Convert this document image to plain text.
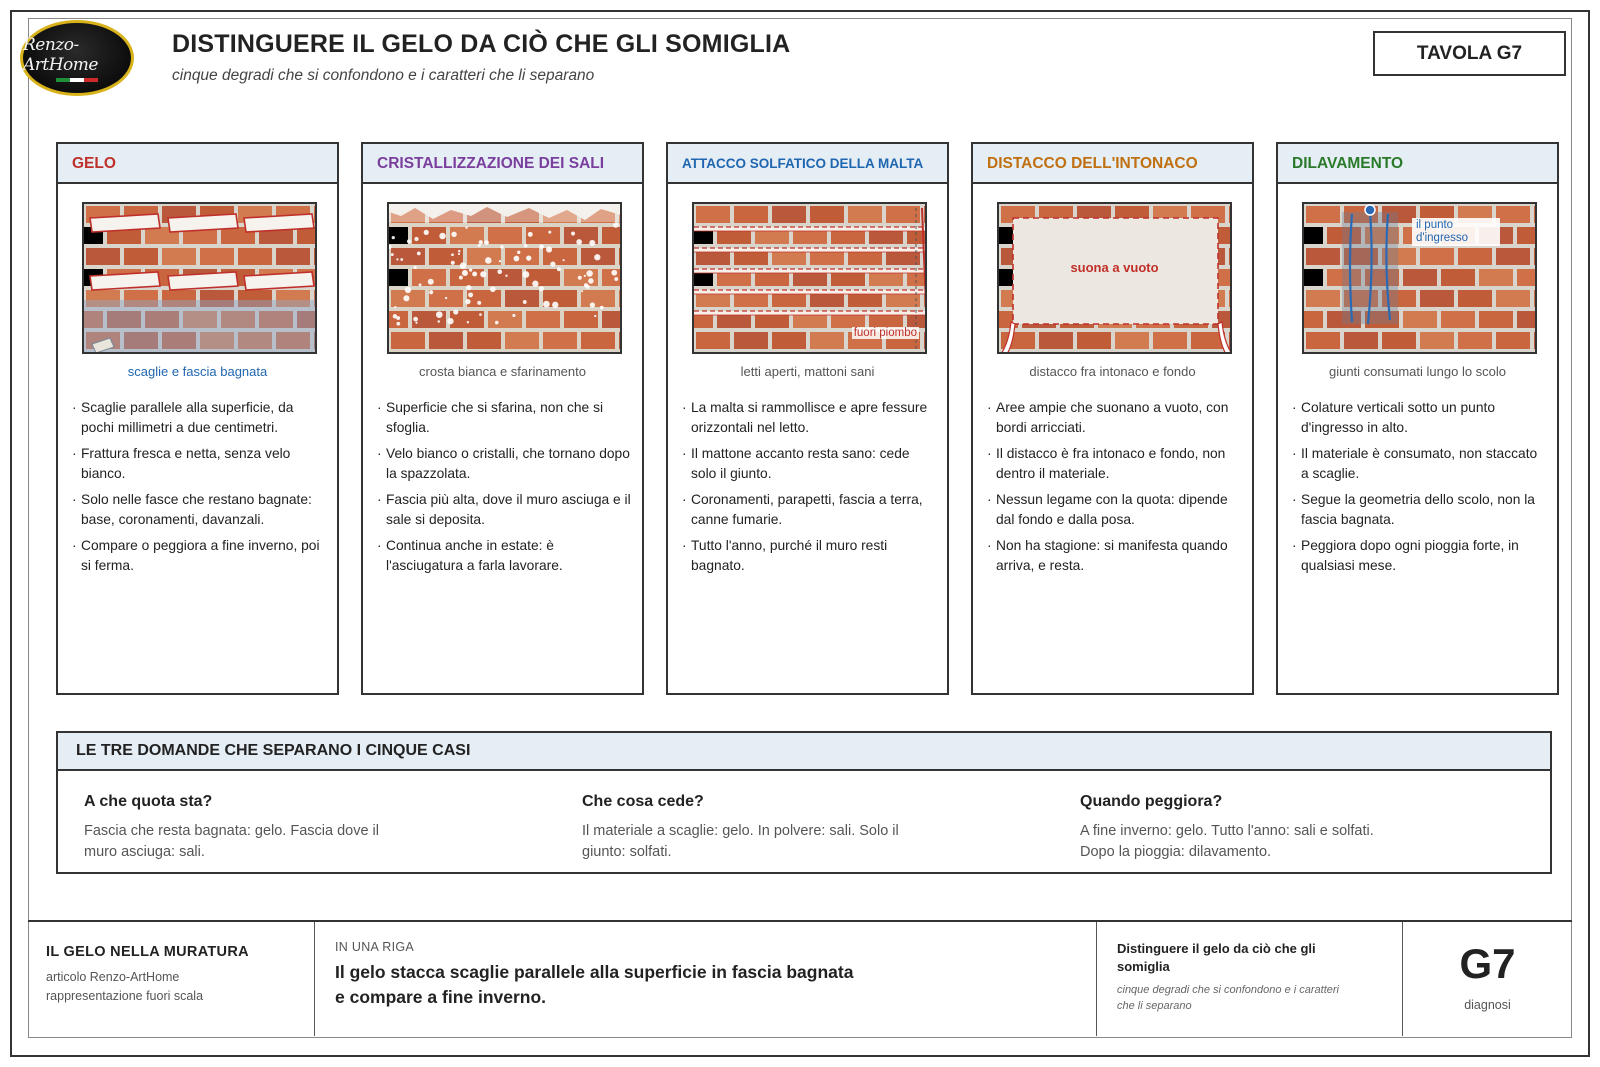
Renzo-ArtHome
DISTINGUERE IL GELO DA CIÒ CHE GLI SOMIGLIA
cinque degradi che si confondono e i caratteri che li separano
TAVOLA G7
GELO
scaglie e fascia bagnata
· Scaglie parallele alla superficie, da pochi millimetri a due centimetri.
· Frattura fresca e netta, senza velo bianco.
· Solo nelle fasce che restano bagnate: base, coronamenti, davanzali.
· Compare o peggiora a fine inverno, poi si ferma.
CRISTALLIZZAZIONE DEI SALI
crosta bianca e sfarinamento
· Superficie che si sfarina, non che si sfoglia.
· Velo bianco o cristalli, che tornano dopo la spazzolata.
· Fascia più alta, dove il muro asciuga e il sale si deposita.
· Continua anche in estate: è l'asciugatura a farla lavorare.
ATTACCO SOLFATICO DELLA MALTA
fuori piombo
letti aperti, mattoni sani
· La malta si rammollisce e apre fessure orizzontali nel letto.
· Il mattone accanto resta sano: cede solo il giunto.
· Coronamenti, parapetti, fascia a terra, canne fumarie.
· Tutto l'anno, purché il muro resti bagnato.
DISTACCO DELL'INTONACO
suona a vuoto
distacco fra intonaco e fondo
· Aree ampie che suonano a vuoto, con bordi arricciati.
· Il distacco è fra intonaco e fondo, non dentro il materiale.
· Nessun legame con la quota: dipende dal fondo e dalla posa.
· Non ha stagione: si manifesta quando arriva, e resta.
DILAVAMENTO
il punto
d'ingresso
giunti consumati lungo lo scolo
· Colature verticali sotto un punto d'ingresso in alto.
· Il materiale è consumato, non staccato a scaglie.
· Segue la geometria dello scolo, non la fascia bagnata.
· Peggiora dopo ogni pioggia forte, in qualsiasi mese.
LE TRE DOMANDE CHE SEPARANO I CINQUE CASI
A che quota sta?
Fascia che resta bagnata: gelo. Fascia dove il muro asciuga: sali.
Che cosa cede?
Il materiale a scaglie: gelo. In polvere: sali. Solo il giunto: solfati.
Quando peggiora?
A fine inverno: gelo. Tutto l'anno: sali e solfati. Dopo la pioggia: dilavamento.
IL GELO NELLA MURATURA
articolo Renzo-ArtHome
rappresentazione fuori scala
IN UNA RIGA
Il gelo stacca scaglie parallele alla superficie in fascia bagnata e compare a fine inverno.
Distinguere il gelo da ciò che gli somiglia
cinque degradi che si confondono e i caratteri che li separano
G7
diagnosi
